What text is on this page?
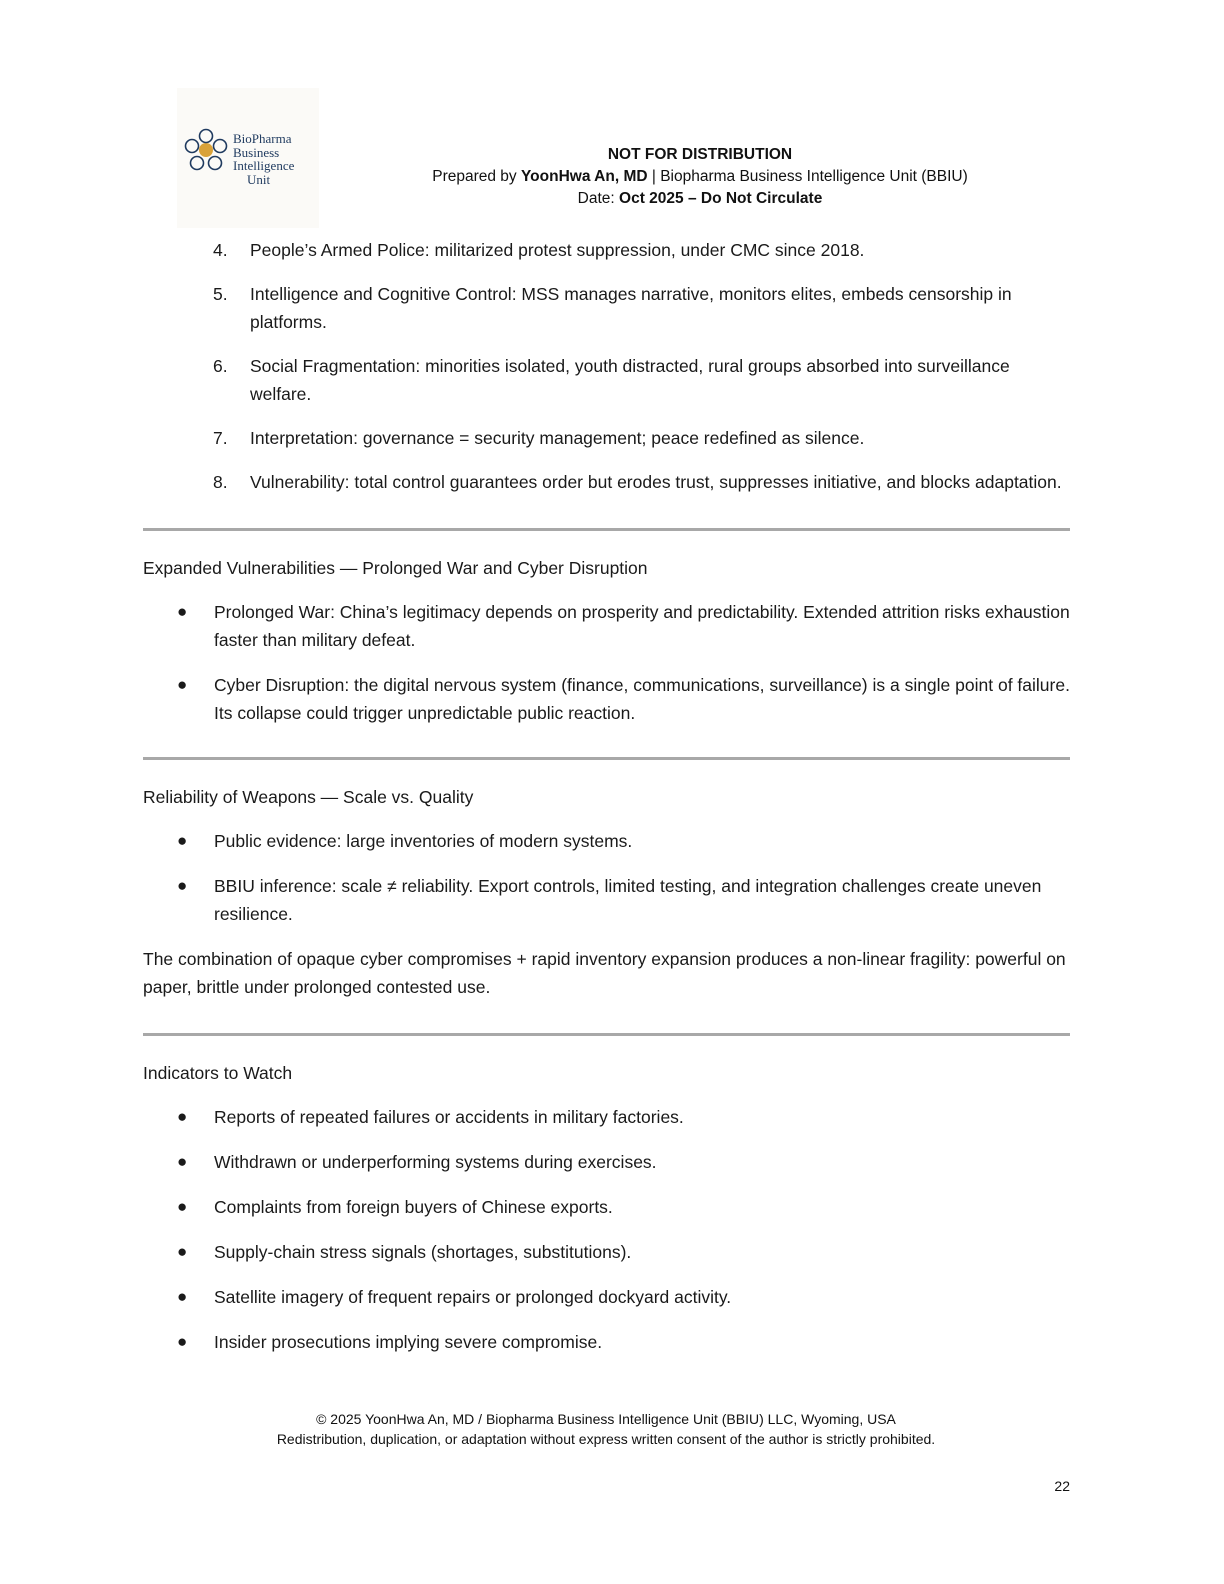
BioPharma
Business
Intelligence
Unit
NOT FOR DISTRIBUTION
Prepared by YoonHwa An, MD | Biopharma Business Intelligence Unit (BBIU)
Date: Oct 2025 – Do Not Circulate
4. People’s Armed Police: militarized protest suppression, under CMC since 2018.
5. Intelligence and Cognitive Control: MSS manages narrative, monitors elites, embeds censorship in platforms.
6. Social Fragmentation: minorities isolated, youth distracted, rural groups absorbed into surveillance welfare.
7. Interpretation: governance = security management; peace redefined as silence.
8. Vulnerability: total control guarantees order but erodes trust, suppresses initiative, and blocks adaptation.

Expanded Vulnerabilities — Prolonged War and Cyber Disruption

● Prolonged War: China’s legitimacy depends on prosperity and predictability. Extended attrition risks exhaustion faster than military defeat.
● Cyber Disruption: the digital nervous system (finance, communications, surveillance) is a single point of failure. Its collapse could trigger unpredictable public reaction.

Reliability of Weapons — Scale vs. Quality

● Public evidence: large inventories of modern systems.
● BBIU inference: scale ≠ reliability. Export controls, limited testing, and integration challenges create uneven resilience.

The combination of opaque cyber compromises + rapid inventory expansion produces a non-linear fragility: powerful on paper, brittle under prolonged contested use.

Indicators to Watch

● Reports of repeated failures or accidents in military factories.
● Withdrawn or underperforming systems during exercises.
● Complaints from foreign buyers of Chinese exports.
● Supply-chain stress signals (shortages, substitutions).
● Satellite imagery of frequent repairs or prolonged dockyard activity.
● Insider prosecutions implying severe compromise.
© 2025 YoonHwa An, MD / Biopharma Business Intelligence Unit (BBIU) LLC, Wyoming, USA
Redistribution, duplication, or adaptation without express written consent of the author is strictly prohibited.
22
